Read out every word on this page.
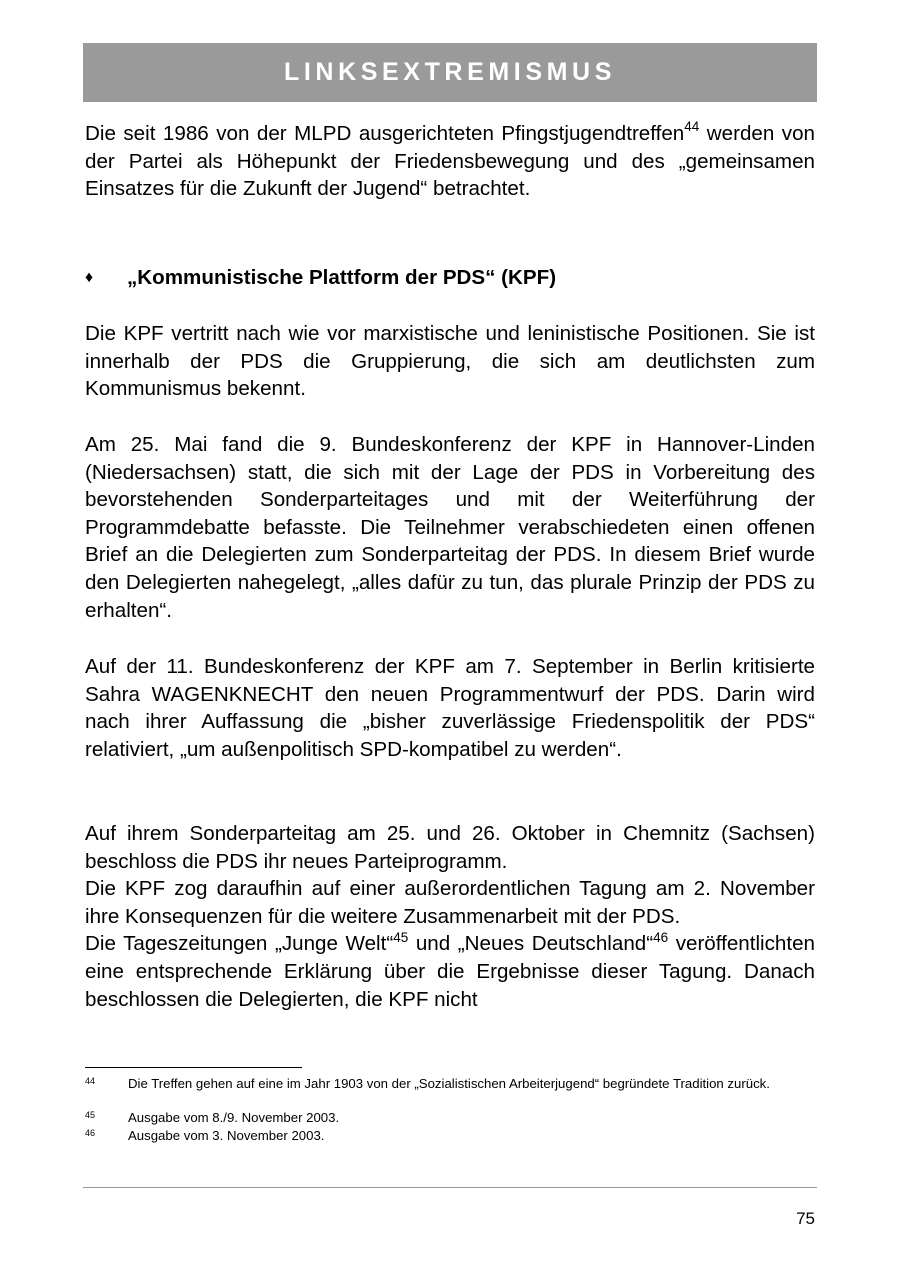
LINKSEXTREMISMUS

Die seit 1986 von der MLPD ausgerichteten Pfingstjugendtreffen$^{44}$ werden von der Partei als Höhepunkt der Friedensbewegung und des „gemeinsamen Einsatzes für die Zukunft der Jugend“ betrachtet.

♦ „Kommunistische Plattform der PDS“ (KPF)

Die KPF vertritt nach wie vor marxistische und leninistische Positionen. Sie ist innerhalb der PDS die Gruppierung, die sich am deutlichsten zum Kommunismus bekennt.

Am 25. Mai fand die 9. Bundeskonferenz der KPF in Hannover-Linden (Niedersachsen) statt, die sich mit der Lage der PDS in Vorbereitung des bevorstehenden Sonderparteitages und mit der Weiterführung der Programmdebatte befasste. Die Teilnehmer verabschiedeten einen offenen Brief an die Delegierten zum Sonderparteitag der PDS. In diesem Brief wurde den Delegierten nahegelegt, „alles dafür zu tun, das plurale Prinzip der PDS zu erhalten“.

Auf der 11. Bundeskonferenz der KPF am 7. September in Berlin kritisierte Sahra WAGENKNECHT den neuen Programmentwurf der PDS. Darin wird nach ihrer Auffassung die „bisher zuverlässige Friedenspolitik der PDS“ relativiert, „um außenpolitisch SPD-kompatibel zu werden“.

Auf ihrem Sonderparteitag am 25. und 26. Oktober in Chemnitz (Sachsen) beschloss die PDS ihr neues Parteiprogramm.
Die KPF zog daraufhin auf einer außerordentlichen Tagung am 2. November ihre Konsequenzen für die weitere Zusammenarbeit mit der PDS.
Die Tageszeitungen „Junge Welt“$^{45}$ und „Neues Deutschland“$^{46}$ veröffentlichten eine entsprechende Erklärung über die Ergebnisse dieser Tagung. Danach beschlossen die Delegierten, die KPF nicht
44 Die Treffen gehen auf eine im Jahr 1903 von der „Sozialistischen Arbeiterjugend“ begründete Tradition zurück.
45 Ausgabe vom 8./9. November 2003.
46 Ausgabe vom 3. November 2003.
75
